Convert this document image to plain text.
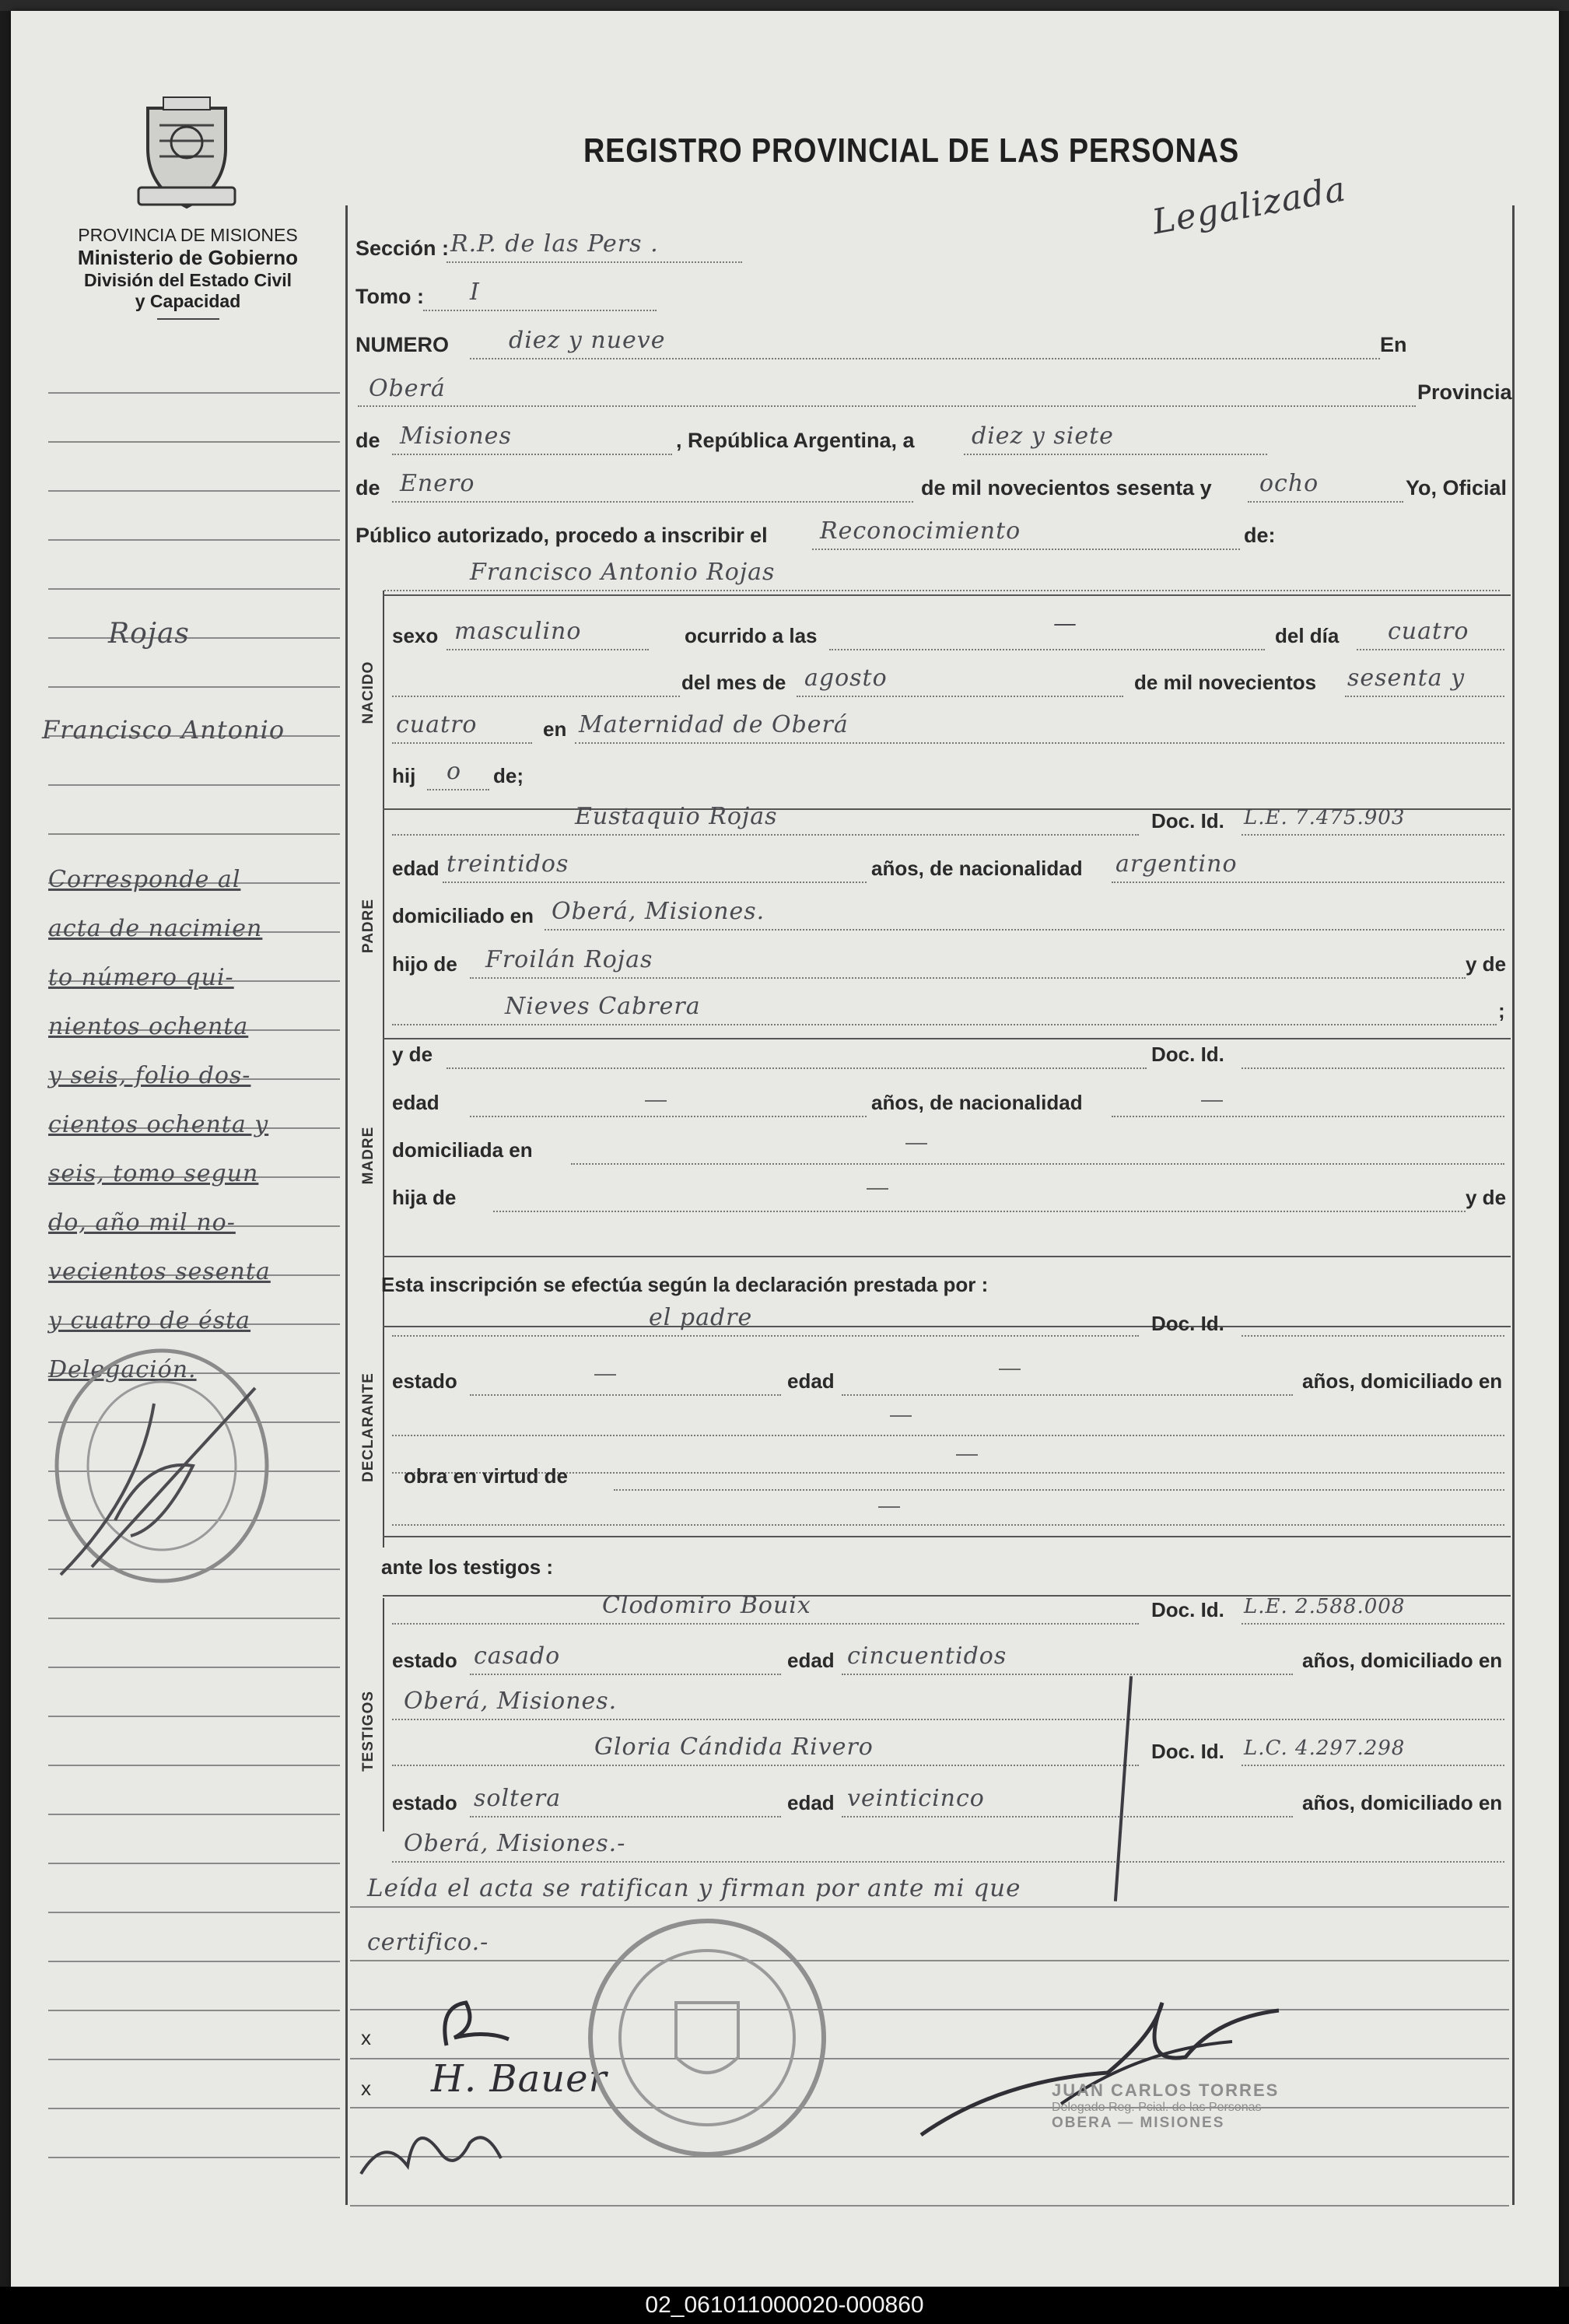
PROVINCIA DE MISIONES
Ministerio de Gobierno
División del Estado Civil
y Capacidad
REGISTRO PROVINCIAL DE LAS PERSONAS
Legalizada
Rojas
Francisco Antonio
Corresponde al
acta de nacimien
to número qui-
nientos ochenta
y seis, folio dos-
cientos ochenta y
seis, tomo segun
do, año mil no-
vecientos sesenta
y cuatro de ésta
Delegación.
Sección : R.P. de las Pers .
Tomo : I
NUMERO	diez y nueve	En
Oberá	Provincia
de Misiones	, República Argentina, a diez y siete
de Enero	de mil novecientos sesenta y ocho	Yo, Oficial
Público autorizado, procedo a inscribir el Reconocimiento	de:
Francisco Antonio Rojas
NACIDO
sexo masculino	ocurrido a las	—	del día cuatro
del mes de agosto	de mil novecientos sesenta y
cuatro	en Maternidad de Oberá
hij o de;
Eustaquio Rojas	Doc. Id. L.E. 7.475.903
PADRE
edad treintidos	años, de nacionalidad argentino
domiciliado en Oberá, Misiones.
hijo de Froilán Rojas	y de
Nieves Cabrera	;
y de	Doc. Id.
MADRE
edad	años, de nacionalidad
domiciliada en
hija de	y de
Esta inscripción se efectúa según la declaración prestada por :
el padre	Doc. Id.
DECLARANTE estado	edad	años, domiciliado en
obra en virtud de
ante los testigos :
TESTIGOS
Clodomiro Bouix	Doc. Id. L.E. 2.588.008
estado casado	edad cincuentidos	años, domiciliado en
Oberá, Misiones.
Gloria Cándida Rivero	Doc. Id. L.C. 4.297.298
estado soltera	edad veinticinco	años, domiciliado en
Oberá, Misiones.-
Leída el acta se ratifican y firman por ante mi que
certifico.-
x
x H. Bauer	JUAN CARLOS TORRES
Delegado Reg. Pcial. de las Personas
OBERA — MISIONES
02_061011000020-000860
